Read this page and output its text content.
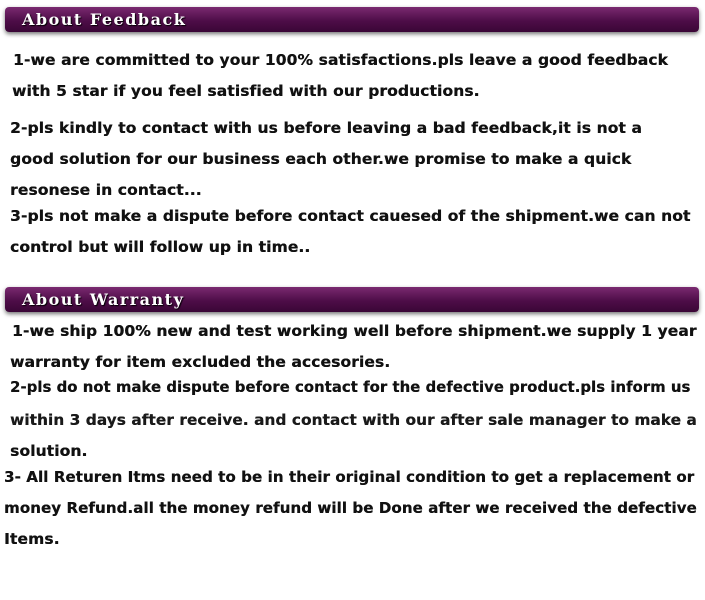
About Feedback
1-we are committed to your 100% satisfactions.pls leave a good feedback
with 5 star if you feel satisfied with our productions.
2-pls kindly to contact with us before leaving a bad feedback,it is not a
good solution for our business each other.we promise to make a quick
resonese in contact...
3-pls not make a dispute before contact cauesed of the shipment.we can not
control but will follow up in time..
About Warranty
1-we ship 100% new and test working well before shipment.we supply 1 year
warranty for item excluded the accesories.
2-pls do not make dispute before contact for the defective product.pls inform us
within 3 days after receive. and contact with our after sale manager to make a
solution.
3- All Returen Itms need to be in their original condition to get a replacement or
money Refund.all the money refund will be Done after we received the defective
Items.
